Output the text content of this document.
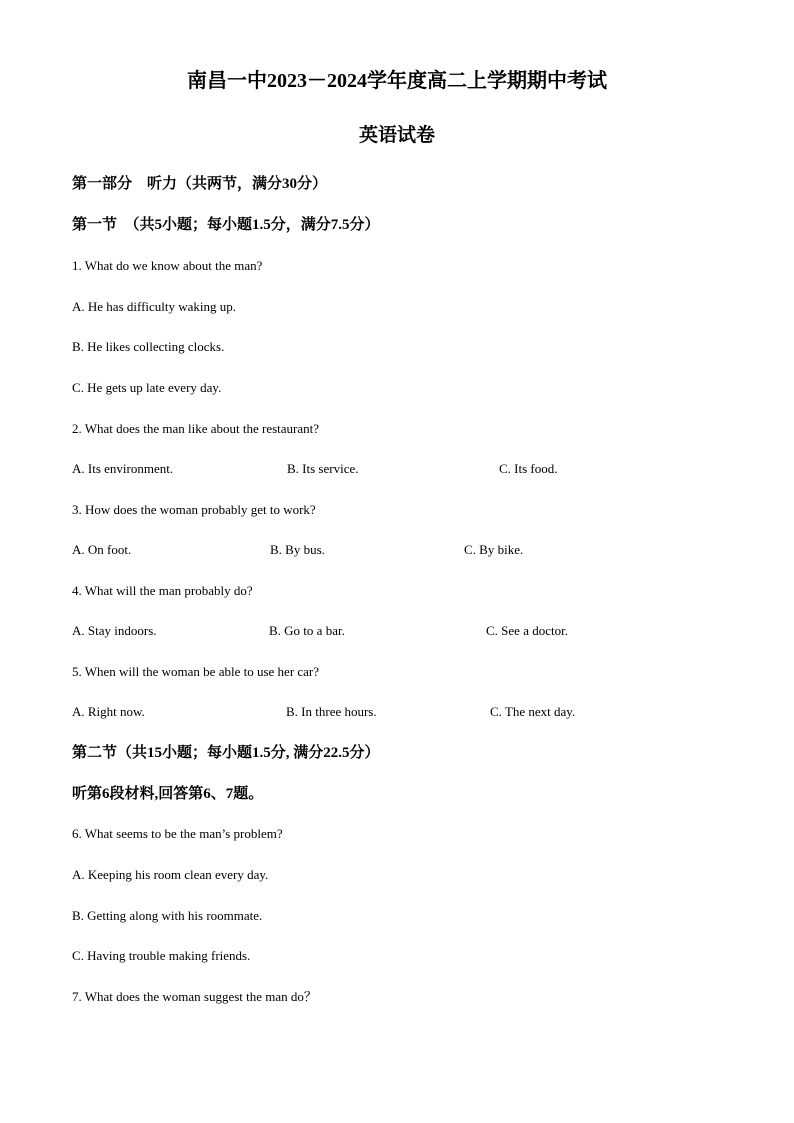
南昌一中2023－2024学年度高二上学期期中考试
英语试卷
第一部分　听力（共两节，满分30分）
第一节　（共5小题；每小题1.5分，满分7.5分）
1. What do we know about the man?
A. He has difficulty waking up.
B. He likes collecting clocks.
C. He gets up late every day.
2. What does the man like about the restaurant?
A. Its environment.	B. Its service.	C. Its food.
3. How does the woman probably get to work?
A. On foot.	B. By bus.	C. By bike.
4. What will the man probably do?
A. Stay indoors.	B. Go to a bar.	C. See a doctor.
5. When will the woman be able to use her car?
A. Right now.	B. In three hours.	C. The next day.
第二节（共15小题；每小题1.5分, 满分22.5分）
听第6段材料,回答第6、7题。
6. What seems to be the man’s problem?
A. Keeping his room clean every day.
B. Getting along with his roommate.
C. Having trouble making friends.
7. What does the woman suggest the man do？
